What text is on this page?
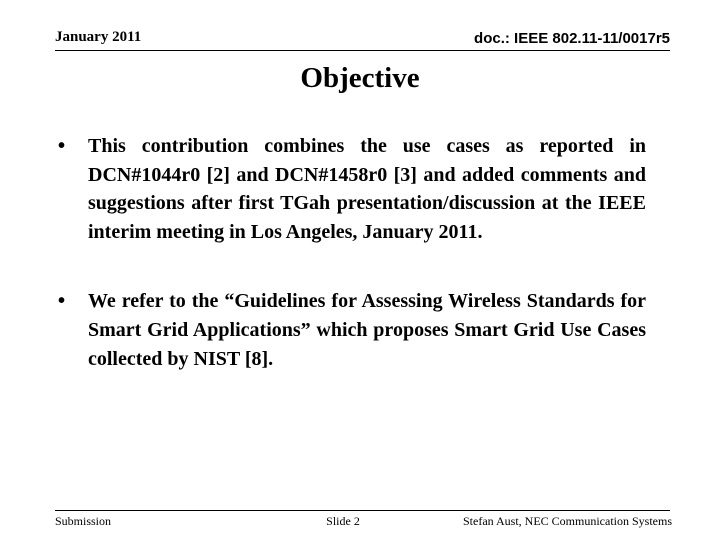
January 2011	doc.: IEEE 802.11-11/0017r5
Objective
• This contribution combines the use cases as reported in DCN#1044r0 [2] and DCN#1458r0 [3] and added comments and suggestions after first TGah presentation/discussion at the IEEE interim meeting in Los Angeles, January 2011.
• We refer to the “Guidelines for Assessing Wireless Standards for Smart Grid Applications” which proposes Smart Grid Use Cases collected by NIST [8].
Submission	Slide 2	Stefan Aust, NEC Communication Systems
